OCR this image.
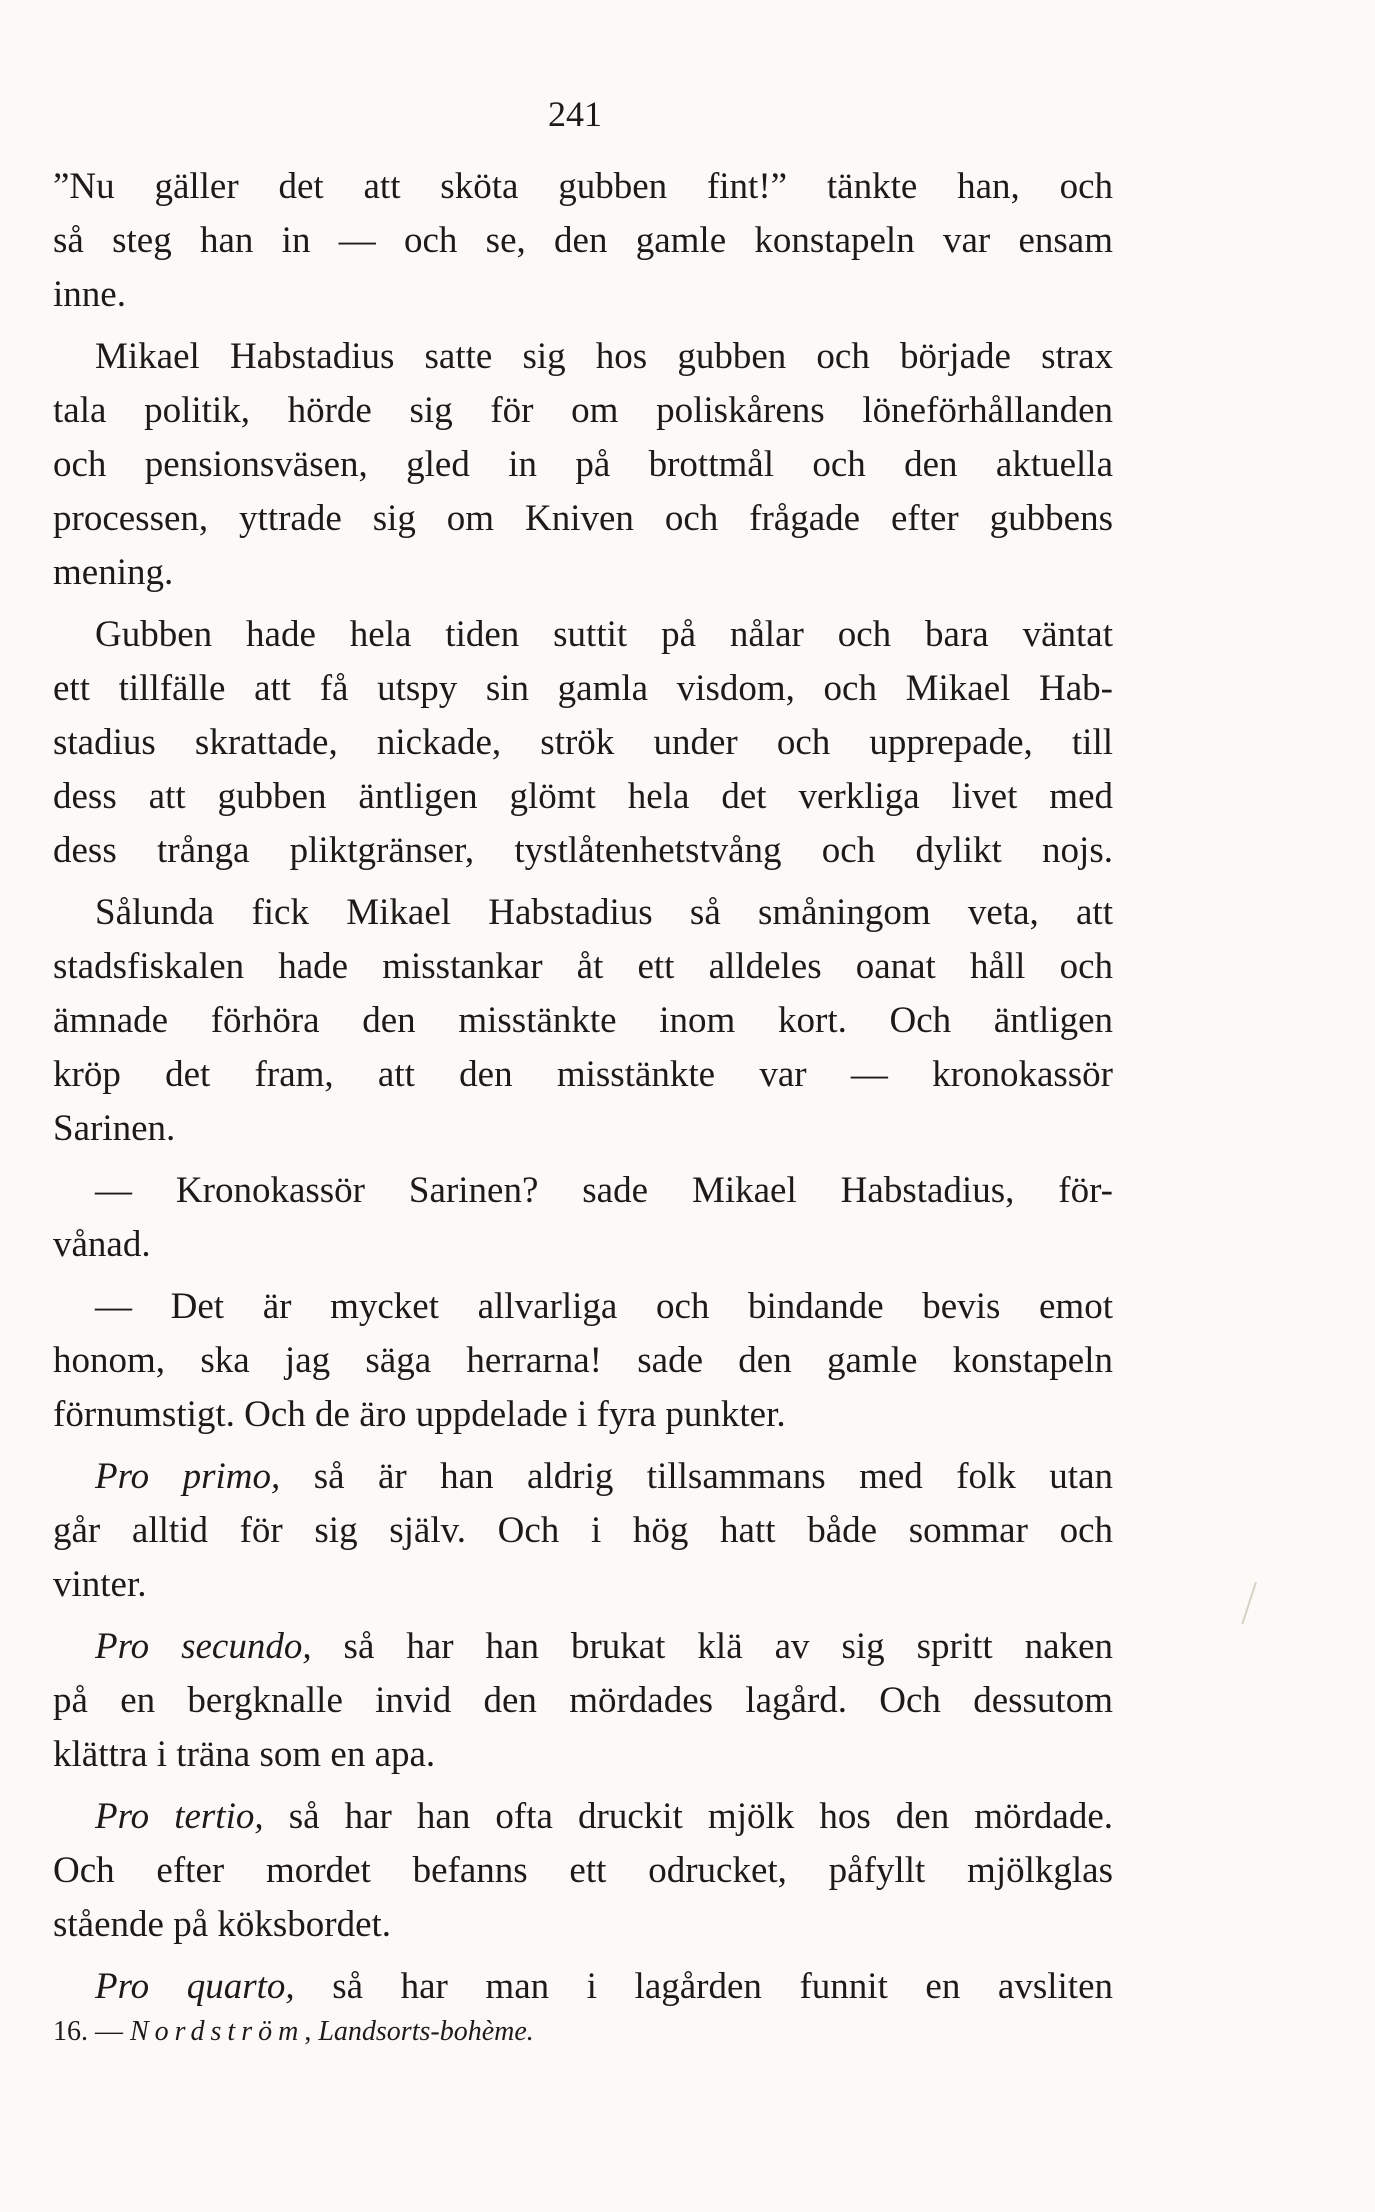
241
”Nu gäller det att sköta gubben fint!” tänkte han, och
så steg han in — och se, den gamle konstapeln var ensam
inne.
Mikael Habstadius satte sig hos gubben och började strax
tala politik, hörde sig för om poliskårens löneförhållanden
och pensionsväsen, gled in på brottmål och den aktuella
processen, yttrade sig om Kniven och frågade efter gubbens
mening.
Gubben hade hela tiden suttit på nålar och bara väntat
ett tillfälle att få utspy sin gamla visdom, och Mikael Hab-
stadius skrattade, nickade, strök under och upprepade, till
dess att gubben äntligen glömt hela det verkliga livet med
dess trånga pliktgränser, tystlåtenhetstvång och dylikt nojs.
Sålunda fick Mikael Habstadius så småningom veta, att
stadsfiskalen hade misstankar åt ett alldeles oanat håll och
ämnade förhöra den misstänkte inom kort. Och äntligen
kröp det fram, att den misstänkte var — kronokassör
Sarinen.
— Kronokassör Sarinen? sade Mikael Habstadius, för-
vånad.
— Det är mycket allvarliga och bindande bevis emot
honom, ska jag säga herrarna! sade den gamle konstapeln
förnumstigt. Och de äro uppdelade i fyra punkter.
Pro primo, så är han aldrig tillsammans med folk utan
går alltid för sig själv. Och i hög hatt både sommar och
vinter.
Pro secundo, så har han brukat klä av sig spritt naken
på en bergknalle invid den mördades lagård. Och dessutom
klättra i träna som en apa.
Pro tertio, så har han ofta druckit mjölk hos den mördade.
Och efter mordet befanns ett odrucket, påfyllt mjölkglas
stående på köksbordet.
Pro quarto, så har man i lagården funnit en avsliten
16. — Nordström, Landsorts-bohème.
